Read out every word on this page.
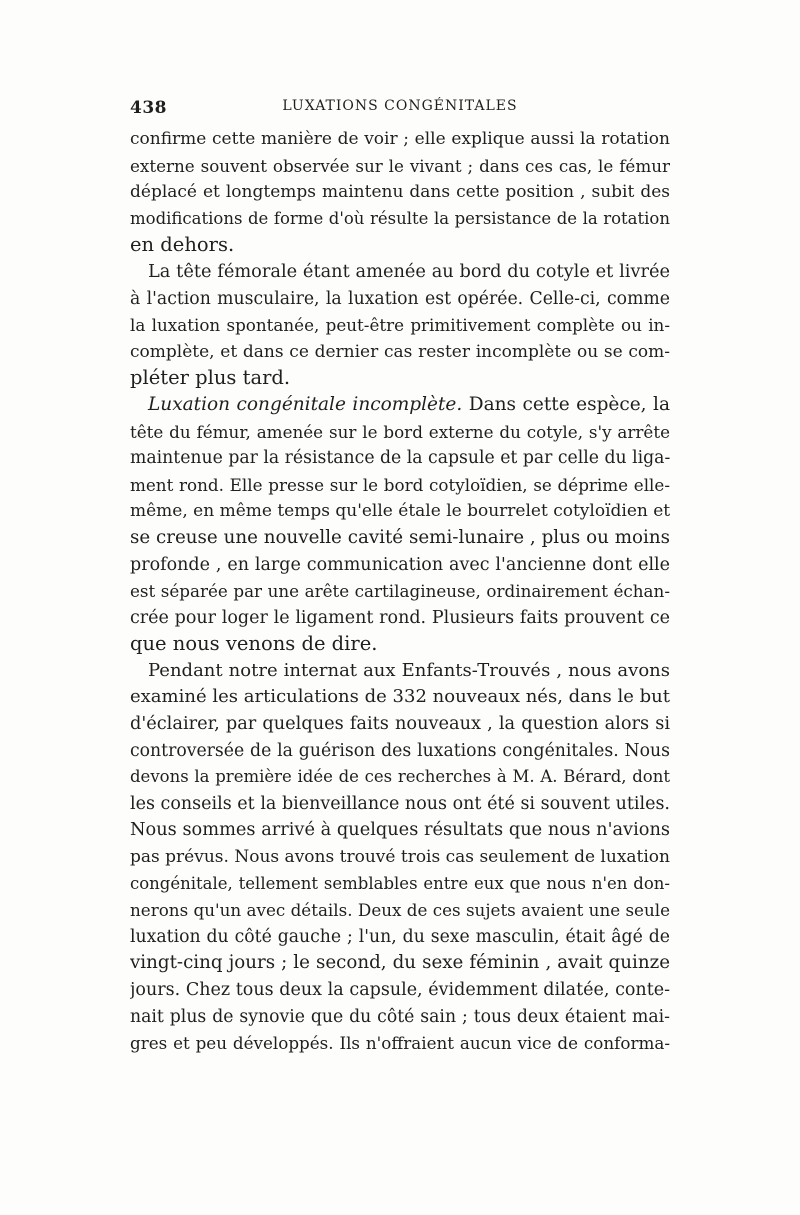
438	LUXATIONS CONGÉNITALES
confirme cette manière de voir ; elle explique aussi la rotation
externe souvent observée sur le vivant ; dans ces cas, le fémur
déplacé et longtemps maintenu dans cette position , subit des
modifications de forme d'où résulte la persistance de la rotation
en dehors.
La tête fémorale étant amenée au bord du cotyle et livrée
à l'action musculaire, la luxation est opérée. Celle-ci, comme
la luxation spontanée, peut-être primitivement complète ou in-
complète, et dans ce dernier cas rester incomplète ou se com-
pléter plus tard.
Luxation congénitale incomplète. Dans cette espèce, la
tête du fémur, amenée sur le bord externe du cotyle, s'y arrête
maintenue par la résistance de la capsule et par celle du liga-
ment rond. Elle presse sur le bord cotyloïdien, se déprime elle-
même, en même temps qu'elle étale le bourrelet cotyloïdien et
se creuse une nouvelle cavité semi-lunaire , plus ou moins
profonde , en large communication avec l'ancienne dont elle
est séparée par une arête cartilagineuse, ordinairement échan-
crée pour loger le ligament rond. Plusieurs faits prouvent ce
que nous venons de dire.
Pendant notre internat aux Enfants-Trouvés , nous avons
examiné les articulations de 332 nouveaux nés, dans le but
d'éclairer, par quelques faits nouveaux , la question alors si
controversée de la guérison des luxations congénitales. Nous
devons la première idée de ces recherches à M. A. Bérard, dont
les conseils et la bienveillance nous ont été si souvent utiles.
Nous sommes arrivé à quelques résultats que nous n'avions
pas prévus. Nous avons trouvé trois cas seulement de luxation
congénitale, tellement semblables entre eux que nous n'en don-
nerons qu'un avec détails. Deux de ces sujets avaient une seule
luxation du côté gauche ; l'un, du sexe masculin, était âgé de
vingt-cinq jours ; le second, du sexe féminin , avait quinze
jours. Chez tous deux la capsule, évidemment dilatée, conte-
nait plus de synovie que du côté sain ; tous deux étaient mai-
gres et peu développés. Ils n'offraient aucun vice de conforma-
